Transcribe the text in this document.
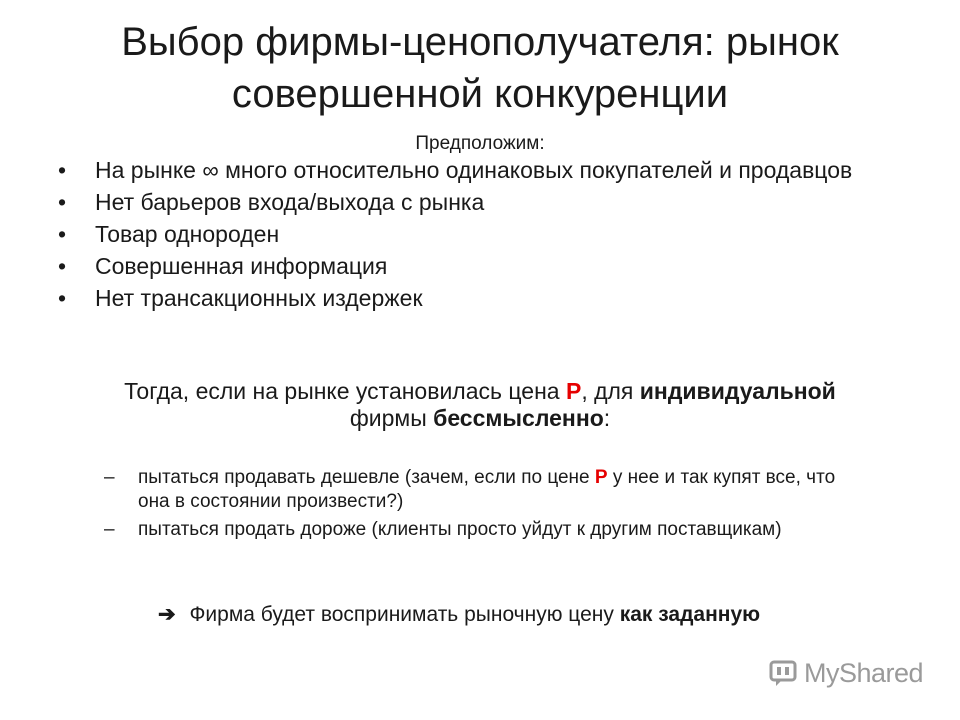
Выбор фирмы-ценополучателя: рынок совершенной конкуренции
Предположим:
• На рынке ∞ много относительно одинаковых покупателей и продавцов
• Нет барьеров входа/выхода с рынка
• Товар однороден
• Совершенная информация
• Нет трансакционных издержек
Тогда, если на рынке установилась цена P, для индивидуальной
фирмы бессмысленно:
– пытаться продавать дешевле (зачем, если по цене P у нее и так купят все, что она в состоянии произвести?)
– пытаться продать дороже (клиенты просто уйдут к другим поставщикам)
➔ Фирма будет воспринимать рыночную цену как заданную
MyShared
